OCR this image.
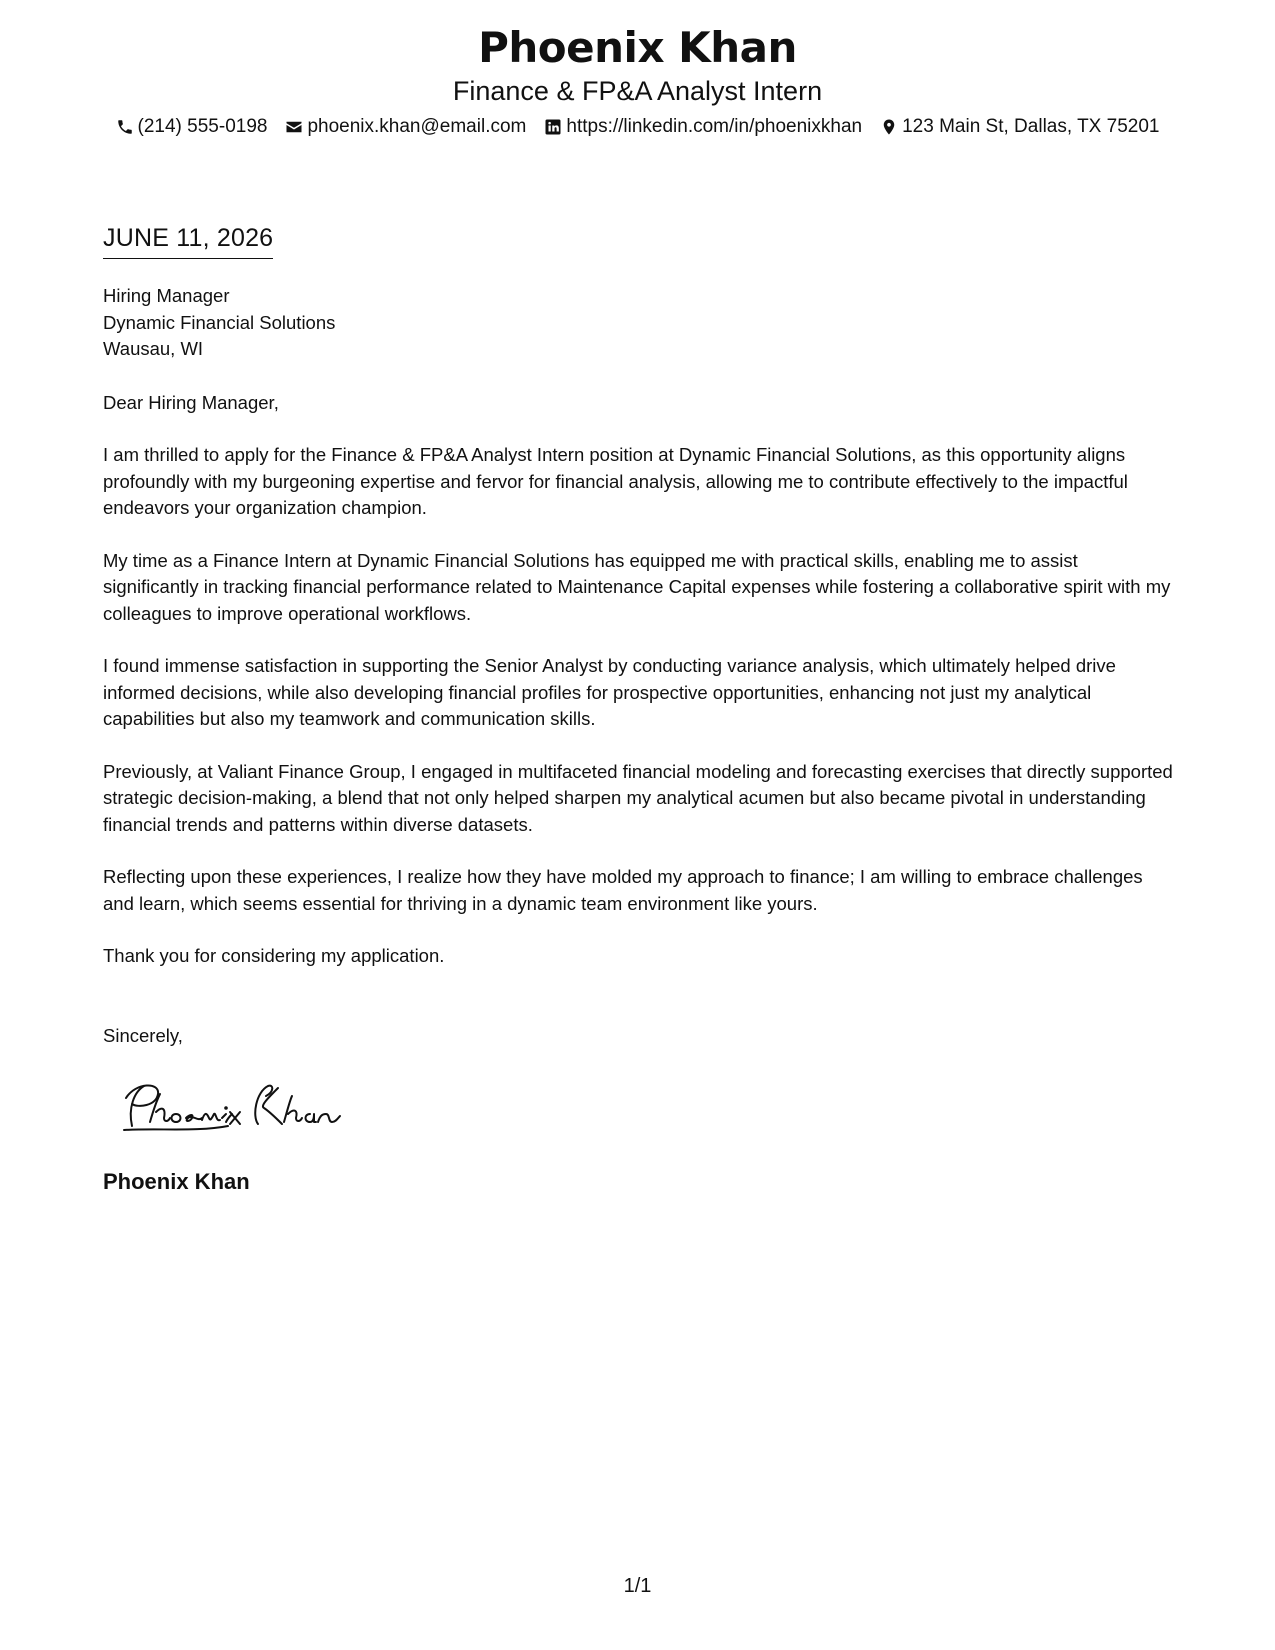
Phoenix Khan
Finance & FP&A Analyst Intern
(214) 555-0198 phoenix.khan@email.com https://linkedin.com/in/phoenixkhan 123 Main St, Dallas, TX 75201
JUNE 11, 2026
Hiring Manager
Dynamic Financial Solutions
Wausau, WI
Dear Hiring Manager,

I am thrilled to apply for the Finance & FP&A Analyst Intern position at Dynamic Financial Solutions, as this opportunity aligns profoundly with my burgeoning expertise and fervor for financial analysis, allowing me to contribute effectively to the impactful endeavors your organization champion.

My time as a Finance Intern at Dynamic Financial Solutions has equipped me with practical skills, enabling me to assist significantly in tracking financial performance related to Maintenance Capital expenses while fostering a collaborative spirit with my colleagues to improve operational workflows.

I found immense satisfaction in supporting the Senior Analyst by conducting variance analysis, which ultimately helped drive informed decisions, while also developing financial profiles for prospective opportunities, enhancing not just my analytical capabilities but also my teamwork and communication skills.

Previously, at Valiant Finance Group, I engaged in multifaceted financial modeling and forecasting exercises that directly supported strategic decision-making, a blend that not only helped sharpen my analytical acumen but also became pivotal in understanding financial trends and patterns within diverse datasets.

Reflecting upon these experiences, I realize how they have molded my approach to finance; I am willing to embrace challenges and learn, which seems essential for thriving in a dynamic team environment like yours.

Thank you for considering my application.

Sincerely,
Phoenix Khan
1/1
